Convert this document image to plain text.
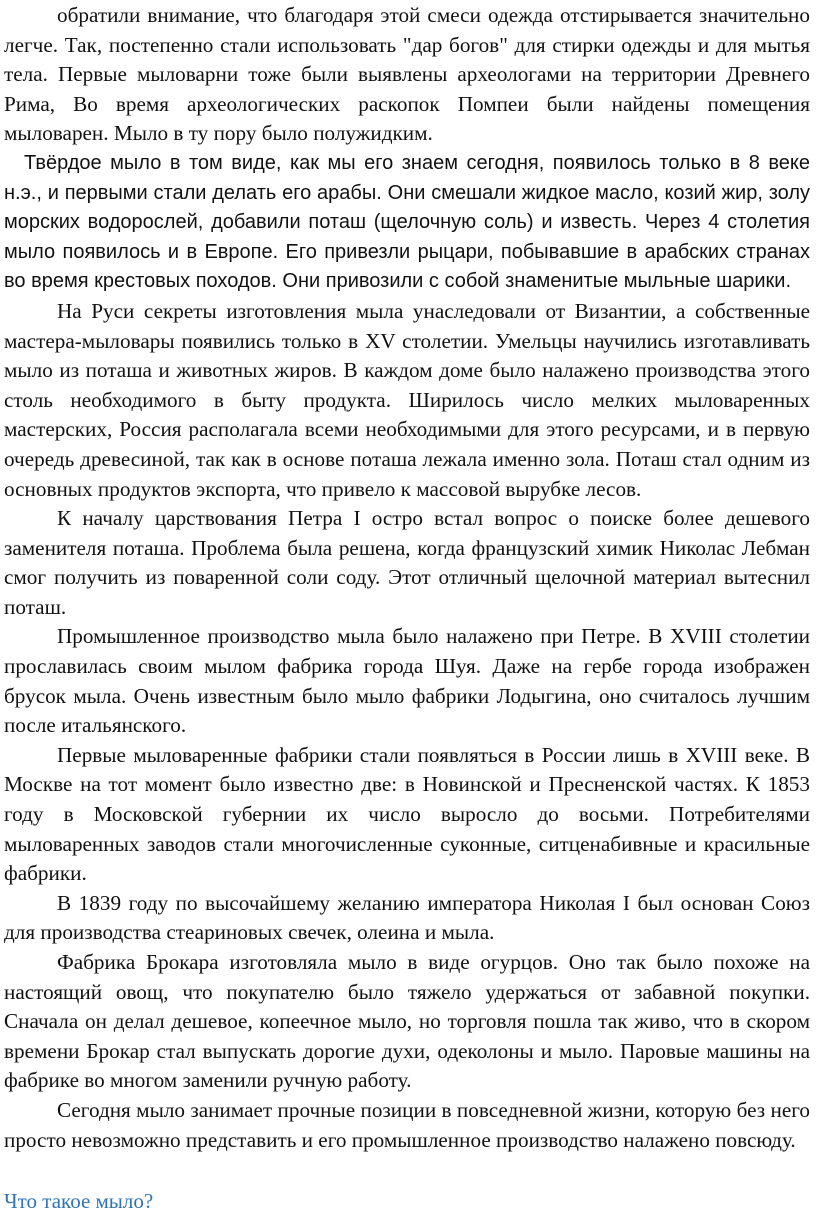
обратили внимание, что благодаря этой смеси одежда отстирывается значительно легче. Так, постепенно стали использовать "дар богов" для стирки одежды и для мытья тела. Первые мыловарни тоже были выявлены археологами на территории Древнего Рима, Во время археологических раскопок Помпеи были найдены помещения мыловарен. Мыло в ту пору было полужидким.

Твёрдое мыло в том виде, как мы его знаем сегодня, появилось только в 8 веке н.э., и первыми стали делать его арабы. Они смешали жидкое масло, козий жир, золу морских водорослей, добавили поташ (щелочную соль) и известь. Через 4 столетия мыло появилось и в Европе. Его привезли рыцари, побывавшие в арабских странах во время крестовых походов. Они привозили с собой знаменитые мыльные шарики.

На Руси секреты изготовления мыла унаследовали от Византии, а собственные мастера-мыловары появились только в XV столетии. Умельцы научились изготавливать мыло из поташа и животных жиров. В каждом доме было налажено производства этого столь необходимого в быту продукта. Ширилось число мелких мыловаренных мастерских, Россия располагала всеми необходимыми для этого ресурсами, и в первую очередь древесиной, так как в основе поташа лежала именно зола. Поташ стал одним из основных продуктов экспорта, что привело к массовой вырубке лесов.

К началу царствования Петра I остро встал вопрос о поиске более дешевого заменителя поташа. Проблема была решена, когда французский химик Николас Лебман смог получить из поваренной соли соду. Этот отличный щелочной материал вытеснил поташ.

Промышленное производство мыла было налажено при Петре. В XVIII столетии прославилась своим мылом фабрика города Шуя. Даже на гербе города изображен брусок мыла. Очень известным было мыло фабрики Лодыгина, оно считалось лучшим после итальянского.

Первые мыловаренные фабрики стали появляться в России лишь в XVIII веке. В Москве на тот момент было известно две: в Новинской и Пресненской частях. К 1853 году в Московской губернии их число выросло до восьми. Потребителями мыловаренных заводов стали многочисленные суконные, ситценабивные и красильные фабрики.

В 1839 году по высочайшему желанию императора Николая I был основан Союз для производства стеариновых свечек, олеина и мыла.

Фабрика Брокара изготовляла мыло в виде огурцов. Оно так было похоже на настоящий овощ, что покупателю было тяжело удержаться от забавной покупки. Сначала он делал дешевое, копеечное мыло, но торговля пошла так живо, что в скором времени Брокар стал выпускать дорогие духи, одеколоны и мыло. Паровые машины на фабрике во многом заменили ручную работу.

Сегодня мыло занимает прочные позиции в повседневной жизни, которую без него просто невозможно представить и его промышленное производство налажено повсюду.

Что такое мыло?
